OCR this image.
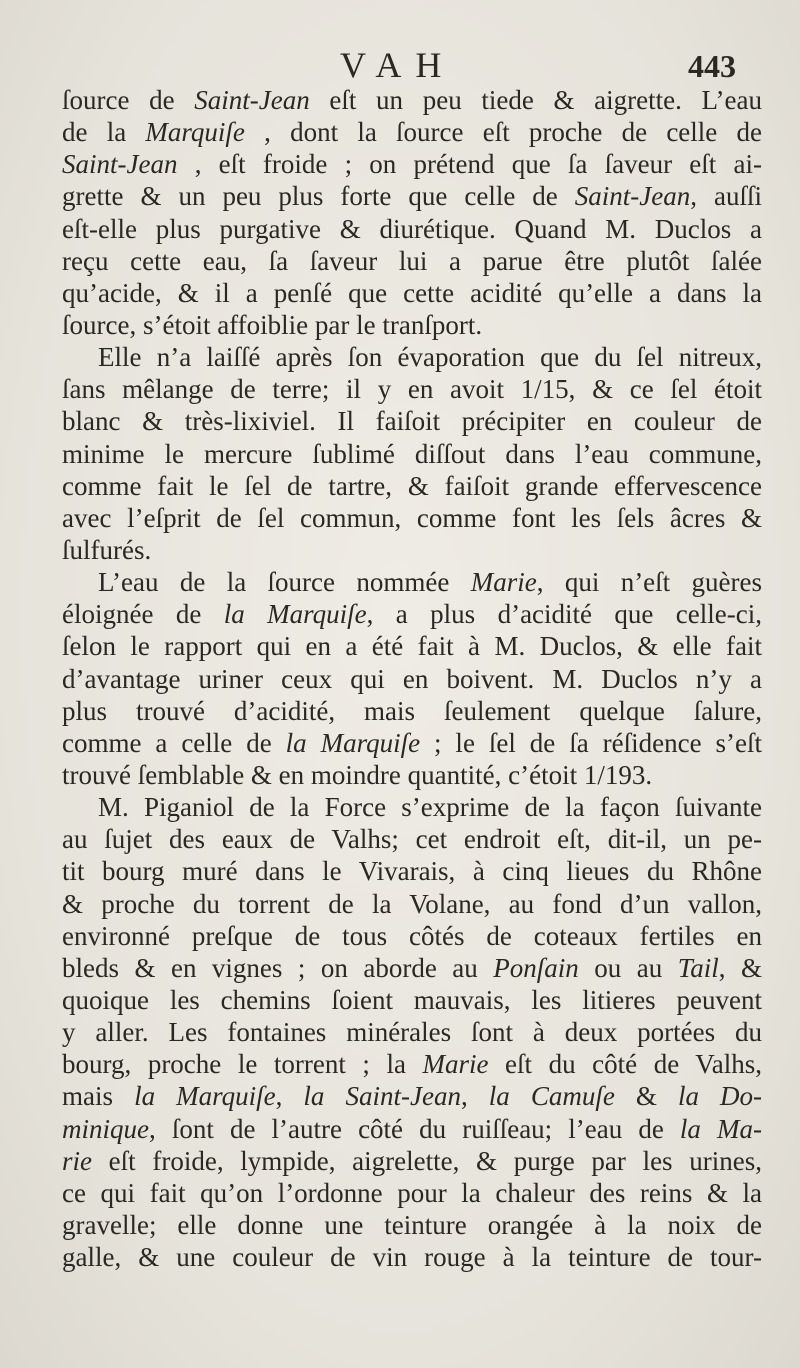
VAH	443
ſource de Saint-Jean eſt un peu tiede & aigrette. L’eau
de la Marquiſe , dont la ſource eſt proche de celle de
Saint-Jean , eſt froide ; on prétend que ſa ſaveur eſt ai-
grette & un peu plus forte que celle de Saint-Jean, auſſi
eſt-elle plus purgative & diurétique. Quand M. Duclos a
reçu cette eau, ſa ſaveur lui a parue être plutôt ſalée
qu’acide, & il a penſé que cette acidité qu’elle a dans la
ſource, s’étoit affoiblie par le tranſport.
Elle n’a laiſſé après ſon évaporation que du ſel nitreux,
ſans mêlange de terre; il y en avoit 1/15, & ce ſel étoit
blanc & très-lixiviel. Il faiſoit précipiter en couleur de
minime le mercure ſublimé diſſout dans l’eau commune,
comme fait le ſel de tartre, & faiſoit grande effervescence
avec l’eſprit de ſel commun, comme font les ſels âcres &
ſulfurés.
L’eau de la ſource nommée Marie, qui n’eſt guères
éloignée de la Marquiſe, a plus d’acidité que celle-ci,
ſelon le rapport qui en a été fait à M. Duclos, & elle fait
d’avantage uriner ceux qui en boivent. M. Duclos n’y a
plus trouvé d’acidité, mais ſeulement quelque ſalure,
comme a celle de la Marquiſe ; le ſel de ſa réſidence s’eſt
trouvé ſemblable & en moindre quantité, c’étoit 1/193.
M. Piganiol de la Force s’exprime de la façon ſuivante
au ſujet des eaux de Valhs; cet endroit eſt, dit-il, un pe-
tit bourg muré dans le Vivarais, à cinq lieues du Rhône
& proche du torrent de la Volane, au fond d’un vallon,
environné preſque de tous côtés de coteaux fertiles en
bleds & en vignes ; on aborde au Ponſain ou au Tail, &
quoique les chemins ſoient mauvais, les litieres peuvent
y aller. Les fontaines minérales ſont à deux portées du
bourg, proche le torrent ; la Marie eſt du côté de Valhs,
mais la Marquiſe, la Saint-Jean, la Camuſe & la Do-
minique, ſont de l’autre côté du ruiſſeau; l’eau de la Ma-
rie eſt froide, lympide, aigrelette, & purge par les urines,
ce qui fait qu’on l’ordonne pour la chaleur des reins & la
gravelle; elle donne une teinture orangée à la noix de
galle, & une couleur de vin rouge à la teinture de tour-
